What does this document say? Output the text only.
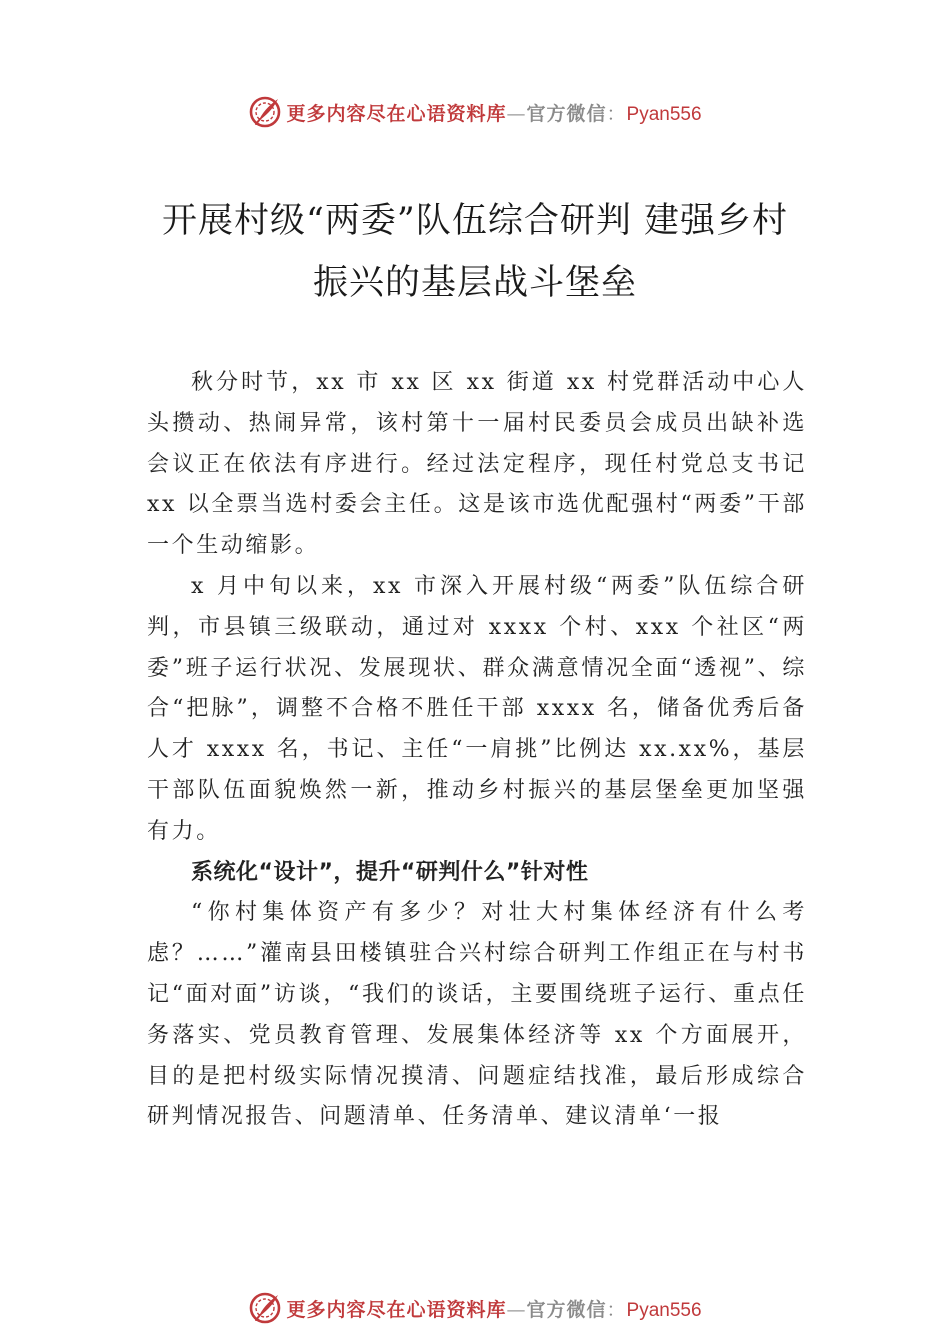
更多内容尽在心语资料库—官方微信：Pyan556
开展村级“两委”队伍综合研判 建强乡村
振兴的基层战斗堡垒

秋分时节，xx 市 xx 区 xx 街道 xx 村党群活动中心人头攒动、热闹异常，该村第十一届村民委员会成员出缺补选会议正在依法有序进行。经过法定程序，现任村党总支书记 xx 以全票当选村委会主任。这是该市选优配强村“两委”干部一个生动缩影。

x 月中旬以来，xx 市深入开展村级“两委”队伍综合研判，市县镇三级联动，通过对 xxxx 个村、xxx 个社区“两委”班子运行状况、发展现状、群众满意情况全面“透视”、综合“把脉”，调整不合格不胜任干部 xxxx 名，储备优秀后备人才 xxxx 名，书记、主任“一肩挑”比例达 xx.xx%，基层干部队伍面貌焕然一新，推动乡村振兴的基层堡垒更加坚强有力。

系统化“设计”，提升“研判什么”针对性

“你村集体资产有多少？对壮大村集体经济有什么考虑？……”灌南县田楼镇驻合兴村综合研判工作组正在与村书记“面对面”访谈，“我们的谈话，主要围绕班子运行、重点任务落实、党员教育管理、发展集体经济等 xx 个方面展开，目的是把村级实际情况摸清、问题症结找准，最后形成综合研判情况报告、问题清单、任务清单、建议清单‘一报

更多内容尽在心语资料库—官方微信：Pyan556
